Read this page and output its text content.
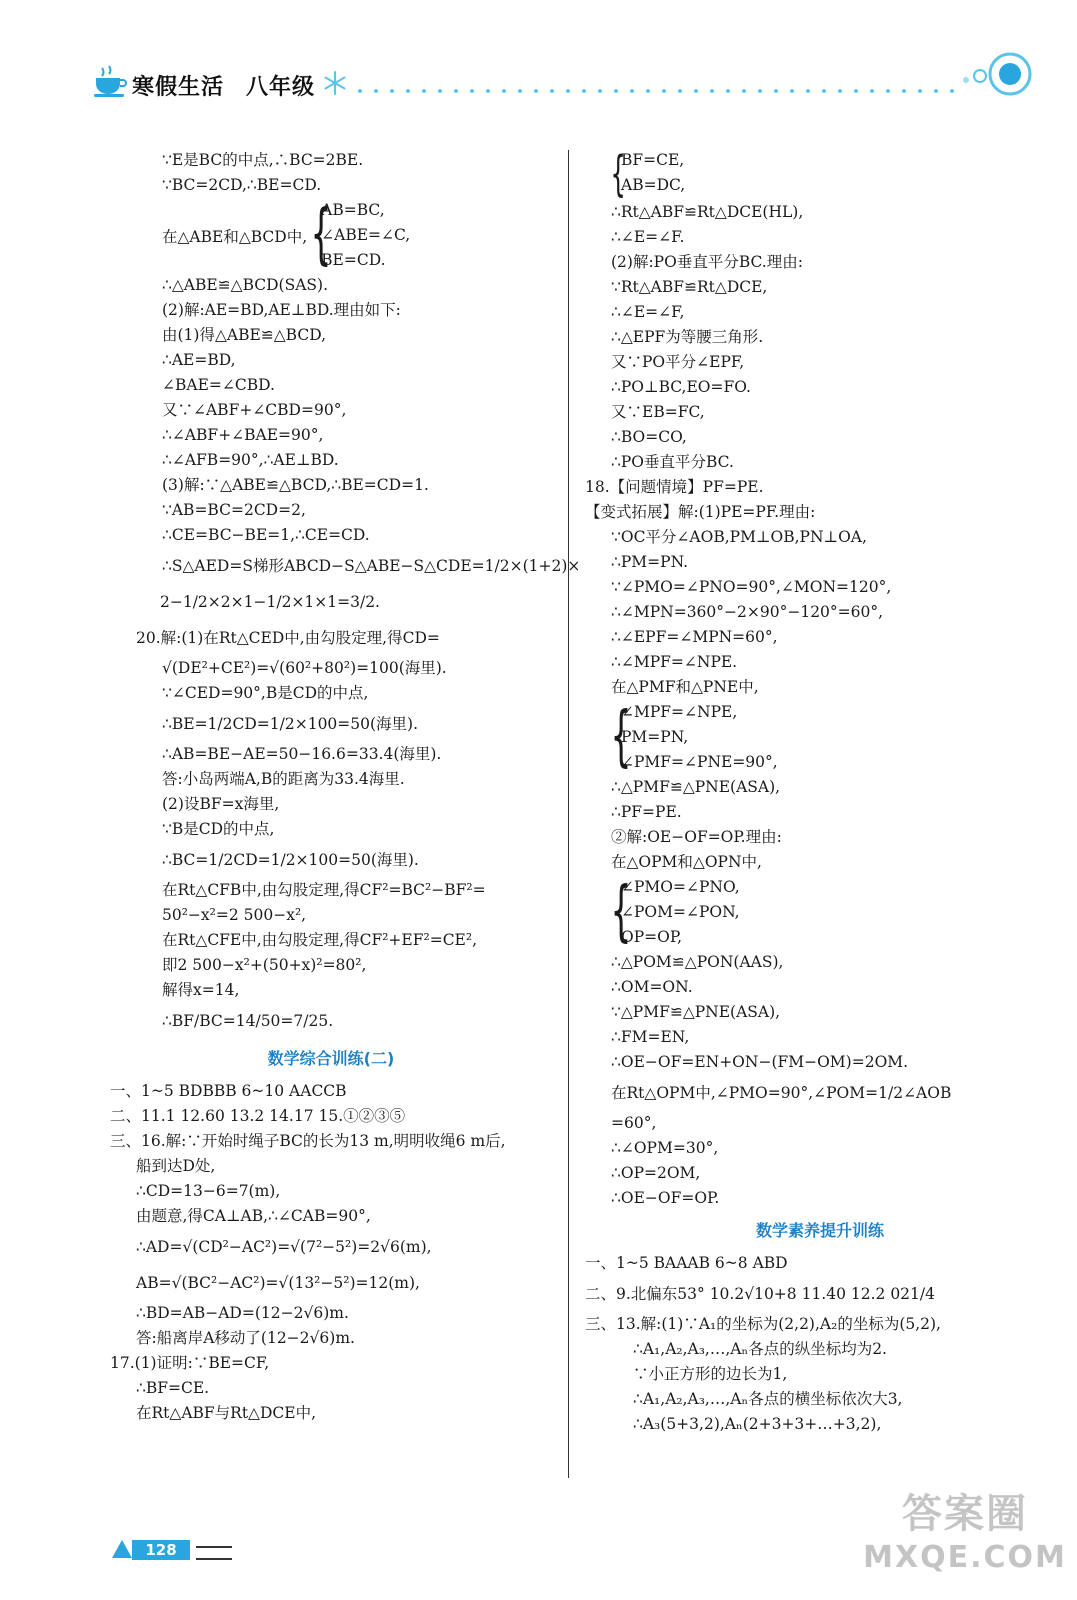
寒假生活 八年级
∵E是BC的中点,∴BC=2BE.
∵BC=2CD,∴BE=CD.
在△ABE和△BCD中, {
AB=BC,
∠ABE=∠C,
BE=CD.
∴△ABE≌△BCD(SAS).
(2)解:AE=BD,AE⊥BD.理由如下:
由(1)得△ABE≌△BCD,
∴AE=BD,
∠BAE=∠CBD.
又∵∠ABF+∠CBD=90°,
∴∠ABF+∠BAE=90°,
∴∠AFB=90°,∴AE⊥BD.
(3)解:∵△ABE≌△BCD,∴BE=CD=1.
∵AB=BC=2CD=2,
∴CE=BC−BE=1,∴CE=CD.
∴S△AED=S梯形ABCD−S△ABE−S△CDE=1/2×(1+2)×
2−1/2×2×1−1/2×1×1=3/2.
20.解:(1)在Rt△CED中,由勾股定理,得CD=
√(DE²+CE²)=√(60²+80²)=100(海里).
∵∠CED=90°,B是CD的中点,
∴BE=1/2CD=1/2×100=50(海里).
∴AB=BE−AE=50−16.6=33.4(海里).
答:小岛两端A,B的距离为33.4海里.
(2)设BF=x海里,
∵B是CD的中点,
∴BC=1/2CD=1/2×100=50(海里).
在Rt△CFB中,由勾股定理,得CF²=BC²−BF²=
50²−x²=2 500−x²,
在Rt△CFE中,由勾股定理,得CF²+EF²=CE²,
即2 500−x²+(50+x)²=80²,
解得x=14,
∴BF/BC=14/50=7/25.
数学综合训练(二)
一、1~5 BDBBB 6~10 AACCB
二、11.1 12.60 13.2 14.17 15.①②③⑤
三、16.解:∵开始时绳子BC的长为13 m,明明收绳6 m后,
船到达D处,
∴CD=13−6=7(m),
由题意,得CA⊥AB,∴∠CAB=90°,
∴AD=√(CD²−AC²)=√(7²−5²)=2√6(m),
AB=√(BC²−AC²)=√(13²−5²)=12(m),
∴BD=AB−AD=(12−2√6)m.
答:船离岸A移动了(12−2√6)m.
17.(1)证明:∵BE=CF,
∴BF=CE.
在Rt△ABF与Rt△DCE中,
{
BF=CE,
AB=DC,
∴Rt△ABF≌Rt△DCE(HL),
∴∠E=∠F.
(2)解:PO垂直平分BC.理由:
∵Rt△ABF≌Rt△DCE,
∴∠E=∠F,
∴△EPF为等腰三角形.
又∵PO平分∠EPF,
∴PO⊥BC,EO=FO.
又∵EB=FC,
∴BO=CO,
∴PO垂直平分BC.
18.【问题情境】PF=PE.
【变式拓展】解:(1)PE=PF.理由:
∵OC平分∠AOB,PM⊥OB,PN⊥OA,
∴PM=PN.
∵∠PMO=∠PNO=90°,∠MON=120°,
∴∠MPN=360°−2×90°−120°=60°,
∴∠EPF=∠MPN=60°,
∴∠MPF=∠NPE.
在△PMF和△PNE中,
{
∠MPF=∠NPE,
PM=PN,
∠PMF=∠PNE=90°,
∴△PMF≌△PNE(ASA),
∴PF=PE.
②解:OE−OF=OP.理由:
在△OPM和△OPN中,
{
∠PMO=∠PNO,
∠POM=∠PON,
OP=OP,
∴△POM≌△PON(AAS),
∴OM=ON.
∵△PMF≌△PNE(ASA),
∴FM=EN,
∴OE−OF=EN+ON−(FM−OM)=2OM.
在Rt△OPM中,∠PMO=90°,∠POM=1/2∠AOB
=60°,
∴∠OPM=30°,
∴OP=2OM,
∴OE−OF=OP.
数学素养提升训练
一、1~5 BAAAB 6~8 ABD
二、9.北偏东53° 10.2√10+8 11.40 12.2 021/4
三、13.解:(1)∵A₁的坐标为(2,2),A₂的坐标为(5,2),
∴A₁,A₂,A₃,…,Aₙ各点的纵坐标均为2.
∵小正方形的边长为1,
∴A₁,A₂,A₃,…,Aₙ各点的横坐标依次大3,
∴A₃(5+3,2),Aₙ(2+3+3+…+3,2),
128
答案圈
MXQE.COM
